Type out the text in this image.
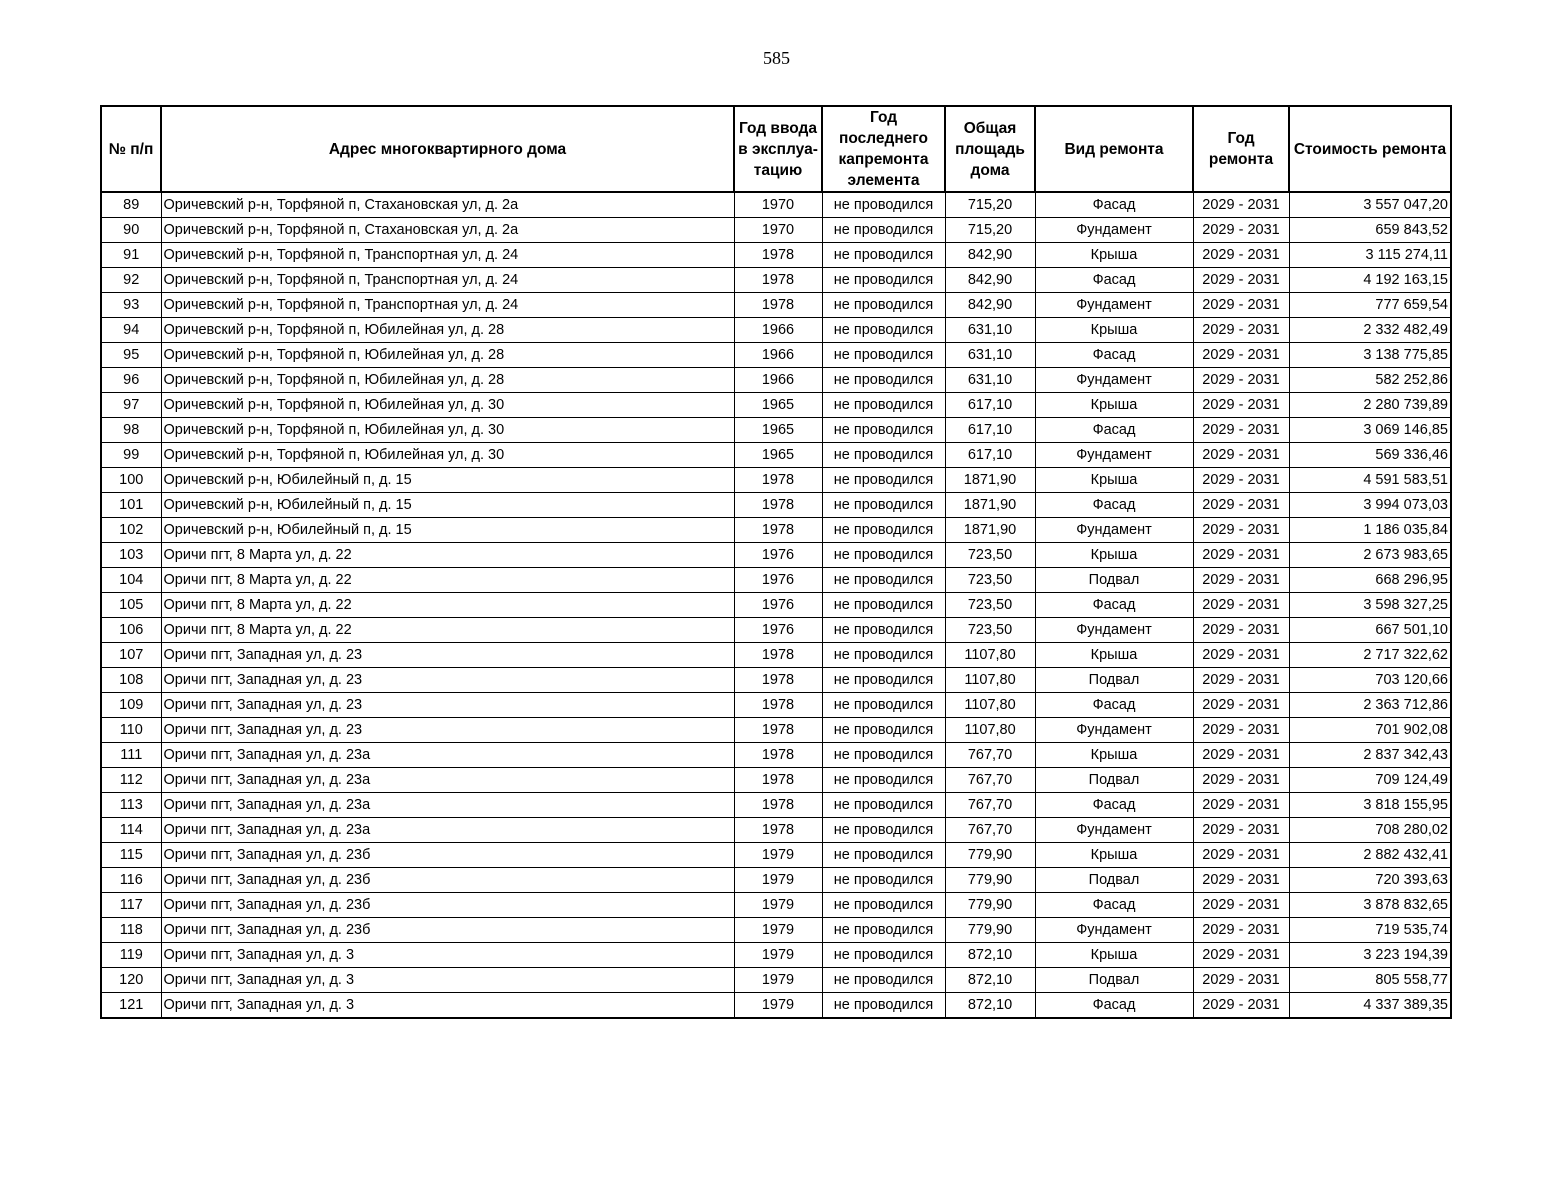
585
№ п/п	Адрес многоквартирного дома	Год ввода в эксплуа-тацию	Год последнего капремонта элемента	Общая площадь дома	Вид ремонта	Год ремонта	Стоимость ремонта
89	Оричевский р-н, Торфяной п, Стахановская ул, д. 2а	1970	не проводился	715,20	Фасад	2029 - 2031	3 557 047,20
90	Оричевский р-н, Торфяной п, Стахановская ул, д. 2а	1970	не проводился	715,20	Фундамент	2029 - 2031	659 843,52
91	Оричевский р-н, Торфяной п, Транспортная ул, д. 24	1978	не проводился	842,90	Крыша	2029 - 2031	3 115 274,11
92	Оричевский р-н, Торфяной п, Транспортная ул, д. 24	1978	не проводился	842,90	Фасад	2029 - 2031	4 192 163,15
93	Оричевский р-н, Торфяной п, Транспортная ул, д. 24	1978	не проводился	842,90	Фундамент	2029 - 2031	777 659,54
94	Оричевский р-н, Торфяной п, Юбилейная ул, д. 28	1966	не проводился	631,10	Крыша	2029 - 2031	2 332 482,49
95	Оричевский р-н, Торфяной п, Юбилейная ул, д. 28	1966	не проводился	631,10	Фасад	2029 - 2031	3 138 775,85
96	Оричевский р-н, Торфяной п, Юбилейная ул, д. 28	1966	не проводился	631,10	Фундамент	2029 - 2031	582 252,86
97	Оричевский р-н, Торфяной п, Юбилейная ул, д. 30	1965	не проводился	617,10	Крыша	2029 - 2031	2 280 739,89
98	Оричевский р-н, Торфяной п, Юбилейная ул, д. 30	1965	не проводился	617,10	Фасад	2029 - 2031	3 069 146,85
99	Оричевский р-н, Торфяной п, Юбилейная ул, д. 30	1965	не проводился	617,10	Фундамент	2029 - 2031	569 336,46
100	Оричевский р-н, Юбилейный п, д. 15	1978	не проводился	1871,90	Крыша	2029 - 2031	4 591 583,51
101	Оричевский р-н, Юбилейный п, д. 15	1978	не проводился	1871,90	Фасад	2029 - 2031	3 994 073,03
102	Оричевский р-н, Юбилейный п, д. 15	1978	не проводился	1871,90	Фундамент	2029 - 2031	1 186 035,84
103	Оричи пгт, 8 Марта ул, д. 22	1976	не проводился	723,50	Крыша	2029 - 2031	2 673 983,65
104	Оричи пгт, 8 Марта ул, д. 22	1976	не проводился	723,50	Подвал	2029 - 2031	668 296,95
105	Оричи пгт, 8 Марта ул, д. 22	1976	не проводился	723,50	Фасад	2029 - 2031	3 598 327,25
106	Оричи пгт, 8 Марта ул, д. 22	1976	не проводился	723,50	Фундамент	2029 - 2031	667 501,10
107	Оричи пгт, Западная ул, д. 23	1978	не проводился	1107,80	Крыша	2029 - 2031	2 717 322,62
108	Оричи пгт, Западная ул, д. 23	1978	не проводился	1107,80	Подвал	2029 - 2031	703 120,66
109	Оричи пгт, Западная ул, д. 23	1978	не проводился	1107,80	Фасад	2029 - 2031	2 363 712,86
110	Оричи пгт, Западная ул, д. 23	1978	не проводился	1107,80	Фундамент	2029 - 2031	701 902,08
111	Оричи пгт, Западная ул, д. 23а	1978	не проводился	767,70	Крыша	2029 - 2031	2 837 342,43
112	Оричи пгт, Западная ул, д. 23а	1978	не проводился	767,70	Подвал	2029 - 2031	709 124,49
113	Оричи пгт, Западная ул, д. 23а	1978	не проводился	767,70	Фасад	2029 - 2031	3 818 155,95
114	Оричи пгт, Западная ул, д. 23а	1978	не проводился	767,70	Фундамент	2029 - 2031	708 280,02
115	Оричи пгт, Западная ул, д. 23б	1979	не проводился	779,90	Крыша	2029 - 2031	2 882 432,41
116	Оричи пгт, Западная ул, д. 23б	1979	не проводился	779,90	Подвал	2029 - 2031	720 393,63
117	Оричи пгт, Западная ул, д. 23б	1979	не проводился	779,90	Фасад	2029 - 2031	3 878 832,65
118	Оричи пгт, Западная ул, д. 23б	1979	не проводился	779,90	Фундамент	2029 - 2031	719 535,74
119	Оричи пгт, Западная ул, д. 3	1979	не проводился	872,10	Крыша	2029 - 2031	3 223 194,39
120	Оричи пгт, Западная ул, д. 3	1979	не проводился	872,10	Подвал	2029 - 2031	805 558,77
121	Оричи пгт, Западная ул, д. 3	1979	не проводился	872,10	Фасад	2029 - 2031	4 337 389,35
